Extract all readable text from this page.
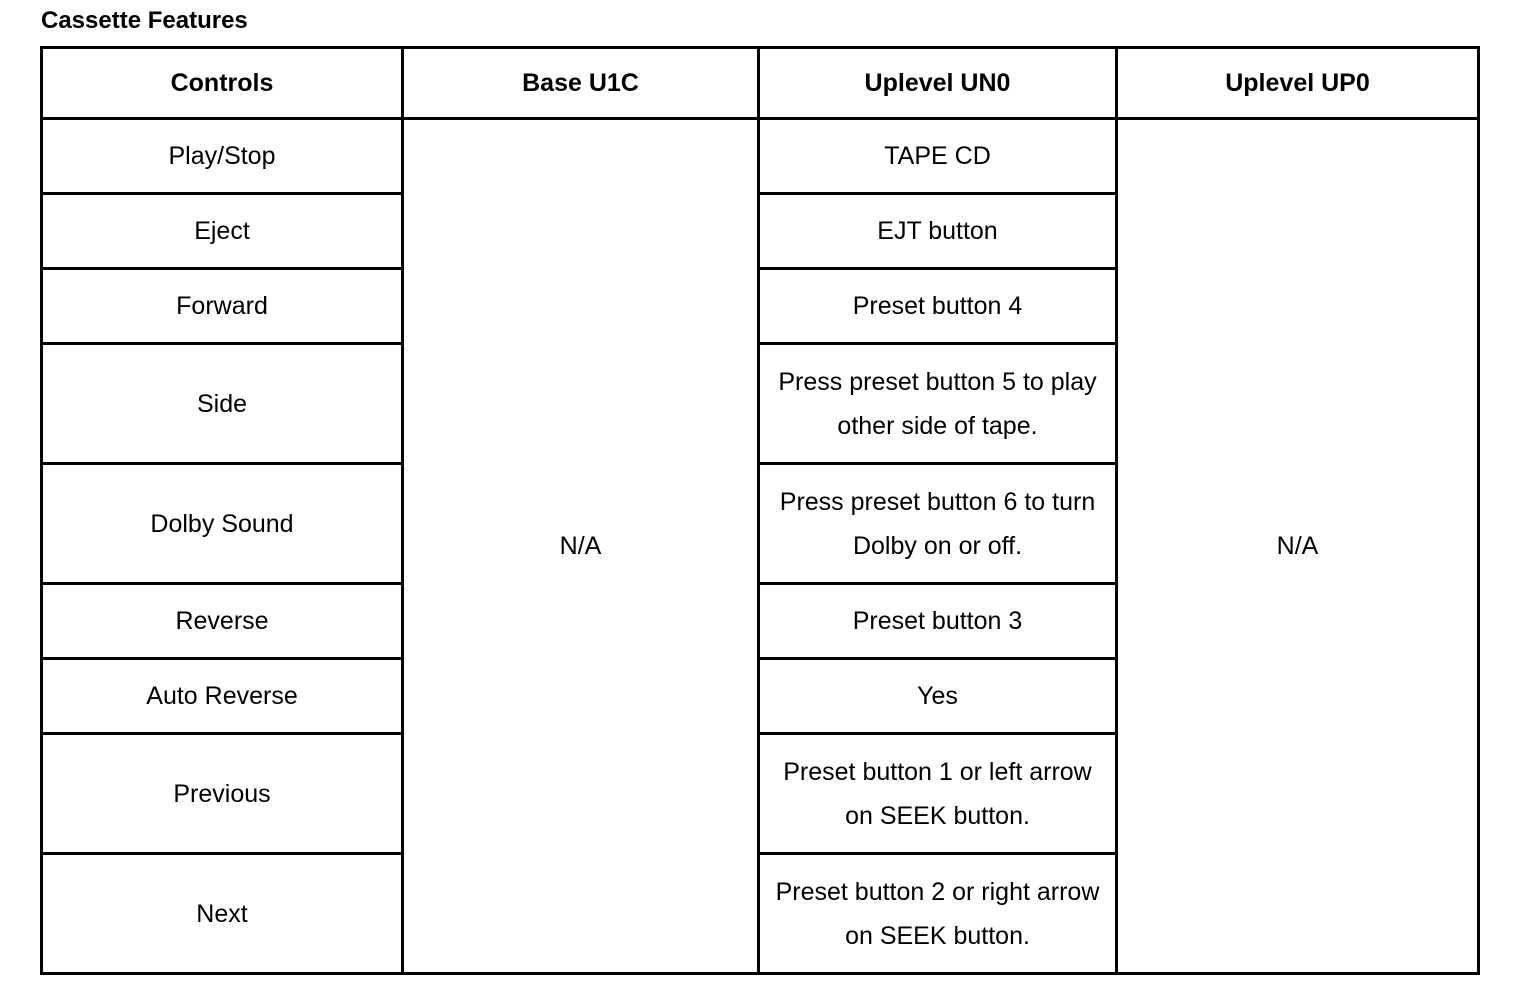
Cassette Features
Controls	Base U1C	Uplevel UN0	Uplevel UP0
Play/Stop	N/A	TAPE CD	N/A
Eject		EJT button	
Forward		Preset button 4	
Side		Press preset button 5 to play other side of tape.	
Dolby Sound		Press preset button 6 to turn Dolby on or off.	
Reverse		Preset button 3	
Auto Reverse		Yes	
Previous		Preset button 1 or left arrow on SEEK button.	
Next		Preset button 2 or right arrow on SEEK button.	
